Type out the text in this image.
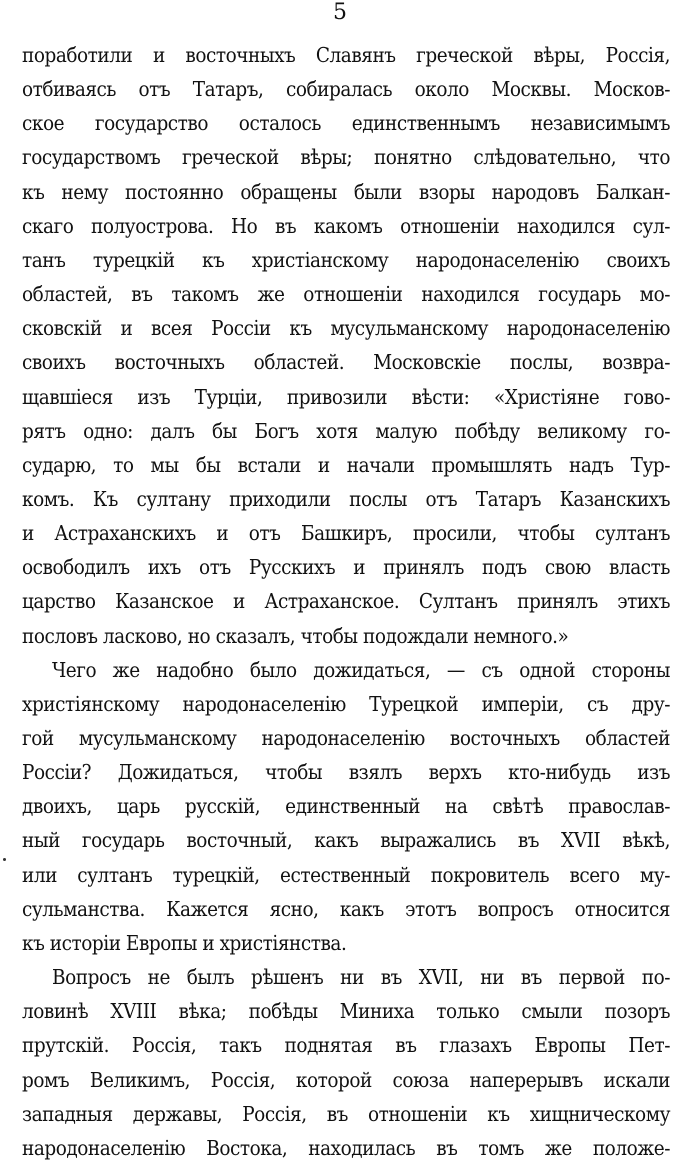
5
поработили и восточныхъ Славянъ греческой вѣры, Россія,
отбиваясь отъ Татаръ, собиралась около Москвы. Москов-
ское государство осталось единственнымъ независимымъ
государствомъ греческой вѣры; понятно слѣдовательно, что
къ нему постоянно обращены были взоры народовъ Балкан-
скаго полуострова. Но въ какомъ отношеніи находился сул-
танъ турецкій къ христіанскому народонаселенію своихъ
областей, въ такомъ же отношеніи находился государь мо-
сковскій и всея Россіи къ мусульманскому народонаселенію
своихъ восточныхъ областей. Московскіе послы, возвра-
щавшіеся изъ Турціи, привозили вѣсти: «Христіяне гово-
рятъ одно: далъ бы Богъ хотя малую побѣду великому го-
сударю, то мы бы встали и начали промышлять надъ Тур-
комъ. Къ султану приходили послы отъ Татаръ Казанскихъ
и Астраханскихъ и отъ Башкиръ, просили, чтобы султанъ
освободилъ ихъ отъ Русскихъ и принялъ подъ свою власть
царство Казанское и Астраханское. Султанъ принялъ этихъ
пословъ ласково, но сказалъ, чтобы подождали немного.»
Чего же надобно было дожидаться, — съ одной стороны
христіянскому народонаселенію Турецкой имперіи, съ дру-
гой мусульманскому народонаселенію восточныхъ областей
Россіи? Дожидаться, чтобы взялъ верхъ кто-нибудь изъ
двоихъ, царь русскій, единственный на свѣтѣ православ-
ный государь восточный, какъ выражались въ XVII вѣкѣ,
или султанъ турецкій, естественный покровитель всего му-
сульманства. Кажется ясно, какъ этотъ вопросъ относится
къ исторіи Европы и христіянства.
Вопросъ не былъ рѣшенъ ни въ XVII, ни въ первой по-
ловинѣ XVIII вѣка; побѣды Миниха только смыли позоръ
прутскій. Россія, такъ поднятая въ глазахъ Европы Пет-
ромъ Великимъ, Россія, которой союза наперерывъ искали
западныя державы, Россія, въ отношеніи къ хищническому
народонаселенію Востока, находилась въ томъ же положе-
